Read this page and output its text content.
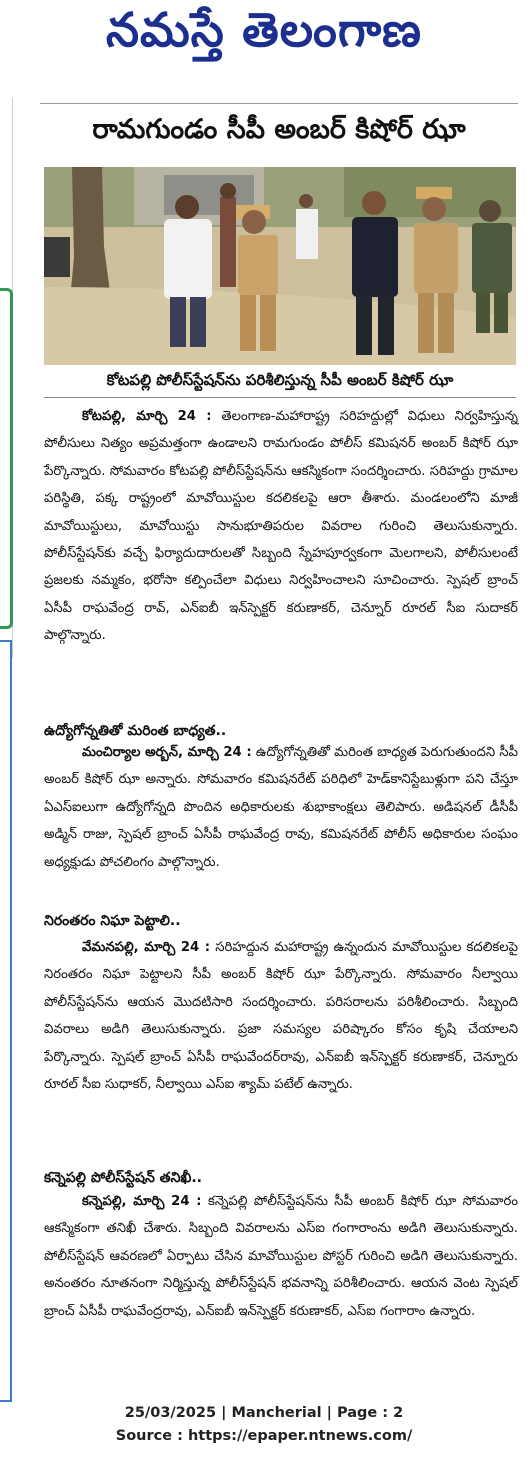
నమస్తే తెలంగాణ
రామగుండం సీపీ అంబర్ కిషోర్ ఝా
కోటపల్లి పోలీస్‌స్టేషన్‌ను పరిశీలిస్తున్న సీపీ అంబర్ కిషోర్ ఝా

కోటపల్లి, మార్చి 24 : తెలంగాణ-మహారాష్ట్ర సరిహద్దుల్లో విధులు నిర్వహిస్తున్న పోలీసులు నిత్యం అప్రమత్తంగా ఉండాలని రామగుండం పోలీస్ కమిషనర్ అంబర్ కిషోర్ ఝా పేర్కొన్నారు. సోమవారం కోటపల్లి పోలీస్‌స్టేషన్‌ను ఆకస్మికంగా సందర్శించారు. సరిహద్దు గ్రామాల పరిస్థితి, పక్క రాష్ట్రంలో మావోయిస్టుల కదలికలపై ఆరా తీశారు. మండలంలోని మాజీ మావోయిస్టులు, మావోయిస్టు సానుభూతిపరుల వివరాల గురించి తెలుసుకున్నారు. పోలీస్‌స్టేషన్‌కు వచ్చే ఫిర్యాదుదారులతో సిబ్బంది స్నేహపూర్వకంగా మెలగాలని, పోలీసులంటే ప్రజలకు నమ్మకం, భరోసా కల్పించేలా విధులు నిర్వహించాలని సూచించారు. స్పెషల్ బ్రాంచ్ ఏసీపీ రాఘవేంద్ర రావ్, ఎన్‌ఐబీ ఇన్‌స్పెక్టర్ కరుణాకర్, చెన్నూర్ రూరల్ సీఐ సుదాకర్ పాల్గొన్నారు.

ఉద్యోగోన్నతితో మరింత బాధ్యత..

మంచిర్యాల అర్బన్, మార్చి 24 : ఉద్యోగోన్నతితో మరింత బాధ్యత పెరుగుతుందని సీపీ అంబర్ కిషోర్ ఝా అన్నారు. సోమవారం కమిషనరేట్ పరిధిలో హెడ్‌కానిస్టేబుళ్లుగా పని చేస్తూ ఏఎస్‌ఐలుగా ఉద్యోగోన్నది పొందిన అధికారులకు శుభాకాంక్షలు తెలిపారు. అడిషనల్ డీసీపీ అడ్మిన్ రాజు, స్పెషల్ బ్రాంచ్ ఏసీపీ రాఘవేంద్ర రావు, కమిషనరేట్ పోలీస్ అధికారుల సంఘం అధ్యక్షుడు పోచలింగం పాల్గొన్నారు.

నిరంతరం నిఘా పెట్టాలి..

వేమనపల్లి, మార్చి 24 : సరిహద్దున మహారాష్ట్ర ఉన్నందున మావోయిస్టుల కదలికలపై నిరంతరం నిఘా పెట్టాలని సీపీ అంబర్ కిషోర్ ఝా పేర్కొన్నారు. సోమవారం నీల్వాయి పోలీస్‌స్టేషన్‌ను ఆయన మొదటిసారి సందర్శించారు. పరిసరాలను పరిశీలించారు. సిబ్బంది వివరాలు అడిగి తెలుసుకున్నారు. ప్రజా సమస్యల పరిష్కారం కోసం కృషి చేయాలని పేర్కొన్నారు. స్పెషల్ బ్రాంచ్ ఏసీపీ రాఘవేందర్‌రావు, ఎన్‌ఐబీ ఇన్‌స్పెక్టర్ కరుణాకర్, చెన్నూరు రూరల్ సీఐ సుధాకర్, నీల్వాయి ఎస్‌ఐ శ్యామ్ పటేల్ ఉన్నారు.

కన్నెపల్లి పోలీస్‌స్టేషన్ తనిఖీ..

కన్నెపల్లి, మార్చి 24 : కన్నెపల్లి పోలీస్‌స్టేషన్‌ను సీపీ అంబర్ కిషోర్ ఝా సోమవారం ఆకస్మికంగా తనిఖీ చేశారు. సిబ్బంది వివరాలను ఎస్‌ఐ గంగారాంను అడిగి తెలుసుకున్నారు. పోలీస్‌స్టేషన్ ఆవరణలో ఏర్పాటు చేసిన మావోయిస్టుల పోస్టర్ గురించి అడిగి తెలుసుకున్నారు. అనంతరం నూతనంగా నిర్మిస్తున్న పోలీస్‌స్టేషన్ భవనాన్ని పరిశీలించారు. ఆయన వెంట స్పెషల్ బ్రాంచ్ ఏసీపీ రాఘవేంద్రరావు, ఎన్‌ఐబీ ఇన్‌స్పెక్టర్ కరుణాకర్, ఎస్‌ఐ గంగారాం ఉన్నారు.

25/03/2025 | Mancherial | Page : 2
Source : https://epaper.ntnews.com/
